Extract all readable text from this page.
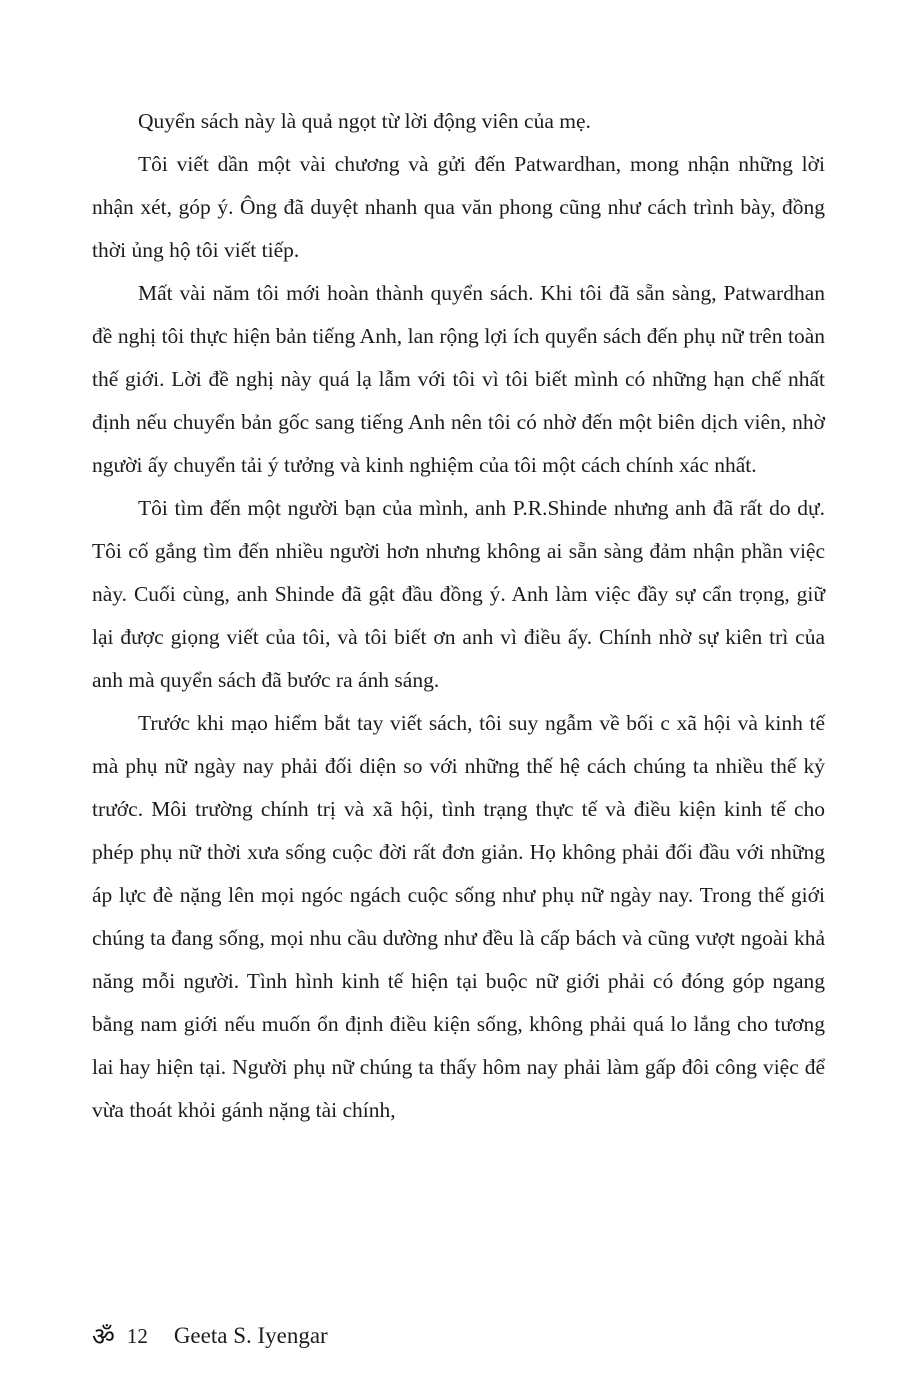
Quyển sách này là quả ngọt từ lời động viên của mẹ.

Tôi viết dần một vài chương và gửi đến Patwardhan, mong nhận những lời nhận xét, góp ý. Ông đã duyệt nhanh qua văn phong cũng như cách trình bày, đồng thời ủng hộ tôi viết tiếp.

Mất vài năm tôi mới hoàn thành quyển sách. Khi tôi đã sẵn sàng, Patwardhan đề nghị tôi thực hiện bản tiếng Anh, lan rộng lợi ích quyển sách đến phụ nữ trên toàn thế giới. Lời đề nghị này quá lạ lẫm với tôi vì tôi biết mình có những hạn chế nhất định nếu chuyển bản gốc sang tiếng Anh nên tôi có nhờ đến một biên dịch viên, nhờ người ấy chuyển tải ý tưởng và kinh nghiệm của tôi một cách chính xác nhất.

Tôi tìm đến một người bạn của mình, anh P.R.Shinde nhưng anh đã rất do dự. Tôi cố gắng tìm đến nhiều người hơn nhưng không ai sẵn sàng đảm nhận phần việc này. Cuối cùng, anh Shinde đã gật đầu đồng ý. Anh làm việc đầy sự cẩn trọng, giữ lại được giọng viết của tôi, và tôi biết ơn anh vì điều ấy. Chính nhờ sự kiên trì của anh mà quyển sách đã bước ra ánh sáng.

Trước khi mạo hiểm bắt tay viết sách, tôi suy ngẫm về bối c xã hội và kinh tế mà phụ nữ ngày nay phải đối diện so với những thế hệ cách chúng ta nhiều thế kỷ trước. Môi trường chính trị và xã hội, tình trạng thực tế và điều kiện kinh tế cho phép phụ nữ thời xưa sống cuộc đời rất đơn giản. Họ không phải đối đầu với những áp lực đè nặng lên mọi ngóc ngách cuộc sống như phụ nữ ngày nay. Trong thế giới chúng ta đang sống, mọi nhu cầu dường như đều là cấp bách và cũng vượt ngoài khả năng mỗi người. Tình hình kinh tế hiện tại buộc nữ giới phải có đóng góp ngang bằng nam giới nếu muốn ổn định điều kiện sống, không phải quá lo lắng cho tương lai hay hiện tại. Người phụ nữ chúng ta thấy hôm nay phải làm gấp đôi công việc để vừa thoát khỏi gánh nặng tài chính,

ॐ 12 Geeta S. Iyengar
